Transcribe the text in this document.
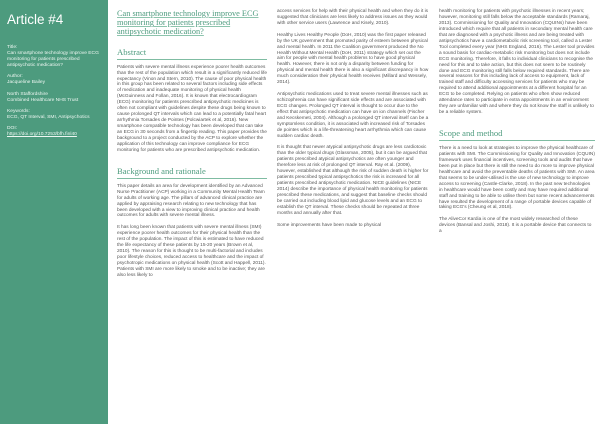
Article #4
Title:
Can smartphone technology improve ECG monitoring for patients prescribed antipsychotic medication?
Author:
Jacqueline Bailey
North Staffordshire
Combined Healthcare NHS Trust
Keywords:
ECG, QT Interval, SMI, Antipsychotics
DOI:
https://doi.org/10.7253/bfh.finl40
Can smartphone technology improve ECG monitoring for patients prescribed antipsychotic medication?
Abstract

Patients with severe mental illness experience poorer health outcomes than the rest of the population which result in a significantly reduced life expectancy (Vinon and Stern, 2010). The cause of poor physical health in this group has been related to several factors including side effects of medication and inadequate monitoring of physical health (McGuinness and Follan, 2016). It is known that electrocardiogram (ECG) monitoring for patients prescribed antipsychotic medicines is often not compliant with guidelines despite these drugs being known to cause prolonged QT intervals which can lead to a potentially fatal heart arrhythmia Torsades de Pointes (Polcwiartek et al, 2016). New smartphone compatible technology has been developed that can take an ECG in 30 seconds from a fingertip reading. This paper provides the background to a project conducted by the ACP to explore whether the application of this technology can improve compliance for ECG monitoring for patients who are prescribed antipsychotic medication.

Background and rationale

This paper details an area for development identified by an Advanced Nurse Practitioner (ACP) working in a Community Mental Health Team for adults of working age. The pillars of advanced clinical practice are applied by appraising research relating to new technology that has been developed with a view to improving clinical practice and health outcomes for adults with severe mental illness.

It has long been known that patients with severe mental illness (SMI) experience poorer health outcomes for their physical health than the rest of the population. The impact of this is estimated to have reduced the life expectancy of these patients by 15-20 years (Brown et al, 2010). The reason for this is thought to be multi-factorial and includes poor lifestyle choices, reduced access to healthcare and the impact of psychotropic medications on physical health (Scott and Happell, 2011). Patients with SMI are more likely to smoke and to be inactive; they are also less likely to

access services for help with their physical health and when they do it is suggested that clinicians are less likely to address issues as they would with other service users (Lawrence and Kisely, 2010).

Healthy Lives Healthy People (DoH, 2010) was the first paper released by the UK government that promoted parity of esteem between physical and mental health. In 2011 the Coalition government produced the No Health Without Mental Health (DoH, 2011) strategy which set out the aim for people with mental health problems to have good physical health. However, there is not only a disparity between funding for physical and mental health there is also a significant discrepancy in how much consideration their physical health receives (Millard and Wessely, 2014).

Antipsychotic medications used to treat severe mental illnesses such as schizophrenia can have significant side effects and are associated with ECG changes. Prolonged QT interval is thought to occur due to the effect that antipsychotic medication can have on ion channels (Fischer and Kecskemeti, 2004). Although a prolonged QT interval itself can be a symptomless condition, it is associated with increased risk of Torsades de pointes which is a life-threatening heart arrhythmia which can cause sudden cardiac death.

It is thought that newer atypical antipsychotic drugs are less cardiotoxic than the older typical drugs (Glassman, 2005), but it can be argued that patients prescribed atypical antipsychotics are often younger and therefore less at risk of prolonged QT interval. Ray et al. (2009), however, established that although the risk of sudden death is higher for patients prescribed typical antipsychotics the risk is increased for all patients prescribed antipsychotic medication. NICE guidelines (NICE 2014) describe the importance of physical health monitoring for patients prescribed these medications, and suggest that baseline checks should be carried out including blood lipid and glucose levels and an ECG to establish the QT interval. These checks should be repeated at three months and annually after that.

Some improvements have been made to physical

health monitoring for patients with psychotic illnesses in recent years; however, monitoring still falls below the acceptable standards (Ramaraj, 2013). Commissioning for Quality and Innovation (CQUINs) have been introduced which require that all patients in secondary mental health care that are diagnosed with a psychotic illness and are being treated with antipsychotics have a cardiometabolic risk screening tool, called a Lester Tool completed every year (NHS England, 2016). The Lester tool provides a sound basis for cardiac-metabolic risk monitoring but does not include ECG monitoring. Therefore, it falls to individual clinicians to recognise the need for this and to take action, but this does not seem to be routinely done and ECG monitoring still falls below required standards. There are several reasons for this including lack of access to equipment, lack of trained staff and difficulty accessing services for patients who may be required to attend additional appointments at a different hospital for an ECG to be completed. Relying on patients who often show reduced attendance rates to participate in extra appointments in an environment they are unfamiliar with and where they do not know the staff is unlikely to be a reliable system.

Scope and method

There is a need to look at strategies to improve the physical healthcare of patients with SMI. The Commissioning for Quality and Innovation (CQUIN) framework uses financial incentives, screening tools and audits that have been put in place but there is still the need to do more to improve physical healthcare and avoid the preventable deaths of patients with SMI. An area that seems to be under-utilised is the use of new technology to improve access to screening (Castle-Clarke, 2018). In the past new technologies in healthcare would have been costly and may have required additional staff and training to be able to utilise them but some recent advancements have resulted the development of a range of portable devices capable of taking ECG's (Cheung et al, 2018).

The AliveCor Kardia is one of the most widely researched of these devices (Bansal and Joshi, 2018). It is a portable device that connects to a
